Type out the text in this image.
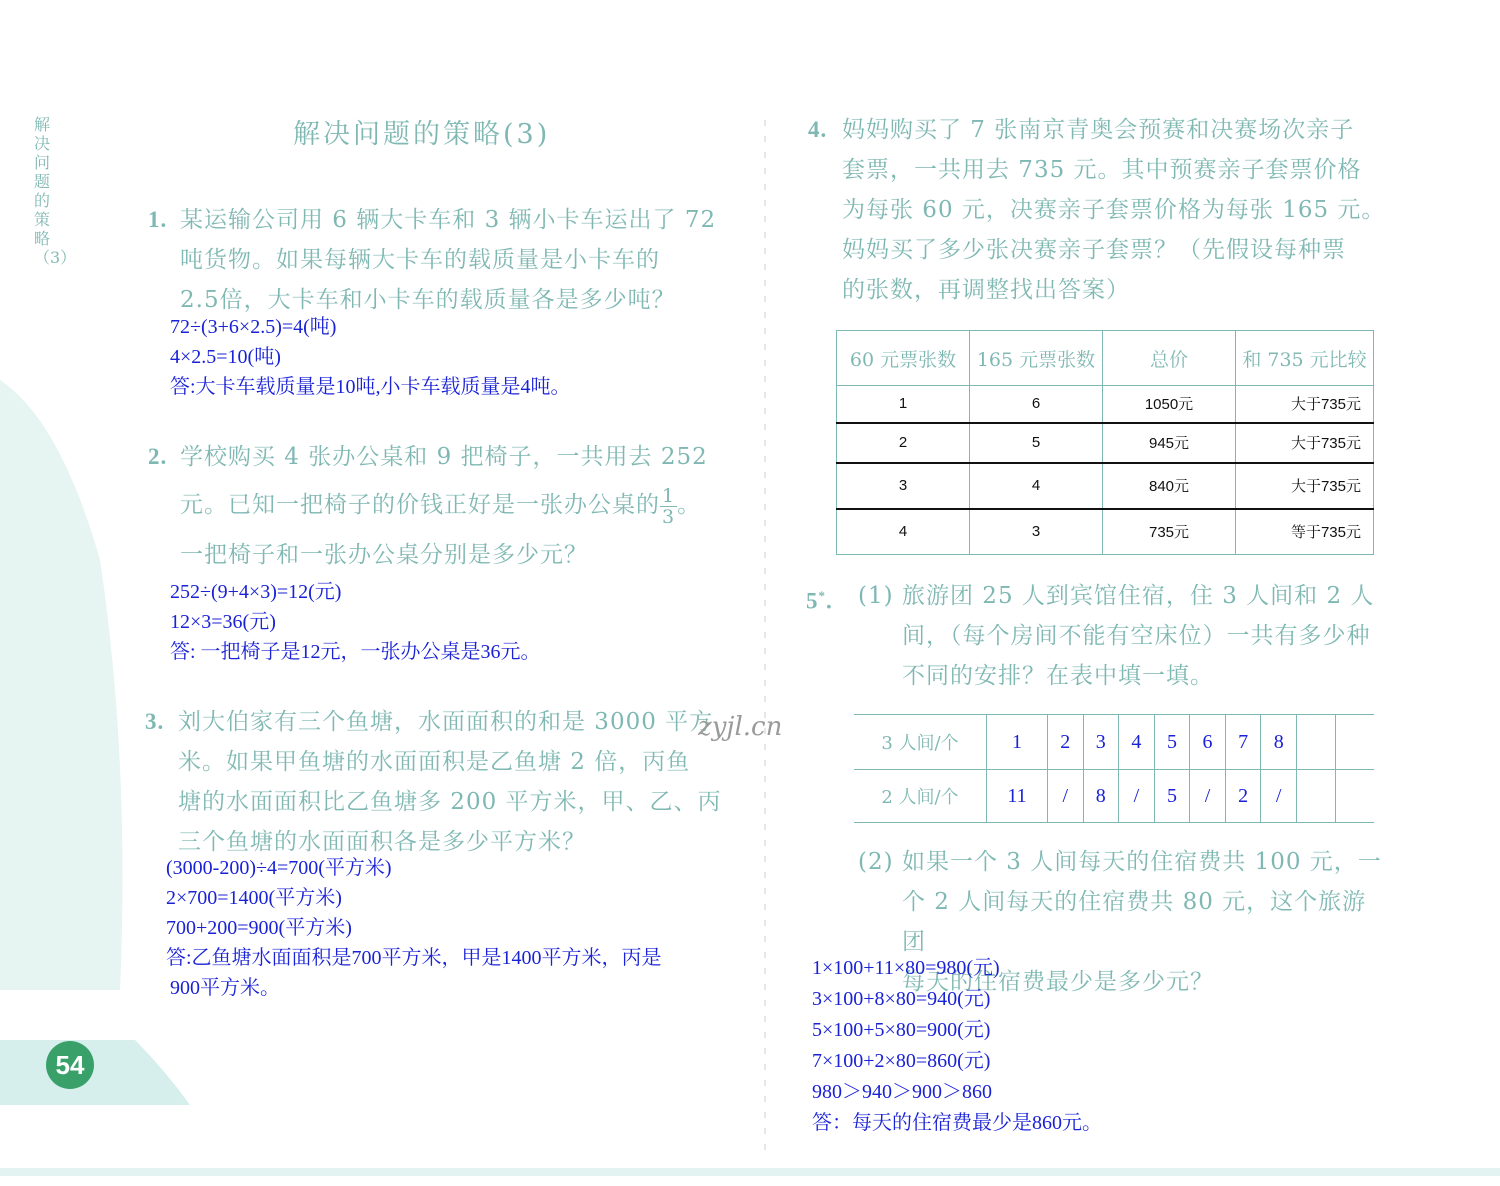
解决问题的策略（3）
解决问题的策略(3)
1. 某运输公司用 6 辆大卡车和 3 辆小卡车运出了 72
吨货物。如果每辆大卡车的载质量是小卡车的
2.5倍，大卡车和小卡车的载质量各是多少吨？
72÷(3+6×2.5)=4(吨)
4×2.5=10(吨)
答:大卡车载质量是10吨,小卡车载质量是4吨。
2. 学校购买 4 张办公桌和 9 把椅子，一共用去 252
元。已知一把椅子的价钱正好是一张办公桌的 $\frac{1}{3}$ 。
一把椅子和一张办公桌分别是多少元？
252÷(9+4×3)=12(元)
12×3=36(元)
答: 一把椅子是12元，一张办公桌是36元。
3. 刘大伯家有三个鱼塘，水面面积的和是 3000 平方
米。如果甲鱼塘的水面面积是乙鱼塘 2 倍，丙鱼
塘的水面面积比乙鱼塘多 200 平方米，甲、乙、丙
三个鱼塘的水面面积各是多少平方米？
(3000-200)÷4=700(平方米)
2×700=1400(平方米)
700+200=900(平方米)
答:乙鱼塘水面面积是700平方米，甲是1400平方米，丙是
900平方米。
zyjl.cn
54
4. 妈妈购买了 7 张南京青奥会预赛和决赛场次亲子
套票，一共用去 735 元。其中预赛亲子套票价格
为每张 60 元，决赛亲子套票价格为每张 165 元。
妈妈买了多少张决赛亲子套票？（先假设每种票
的张数，再调整找出答案）
60 元票张数	165 元票张数	总价	和 735 元比较
1	6	1050元	大于735元
2	5	945元	大于735元
3	4	840元	大于735元
4	3	735元	等于735元
5*. (1) 旅游团 25 人到宾馆住宿，住 3 人间和 2 人
间，（每个房间不能有空床位）一共有多少种
不同的安排？在表中填一填。
3 人间/个	1	2	3	4	5	6	7	8		
2 人间/个	11	/	8	/	5	/	2	/		
(2) 如果一个 3 人间每天的住宿费共 100 元，一
个 2 人间每天的住宿费共 80 元，这个旅游团
每天的住宿费最少是多少元？
1×100+11×80=980(元)
3×100+8×80=940(元)
5×100+5×80=900(元)
7×100+2×80=860(元)
980＞940＞900＞860
答：每天的住宿费最少是860元。
